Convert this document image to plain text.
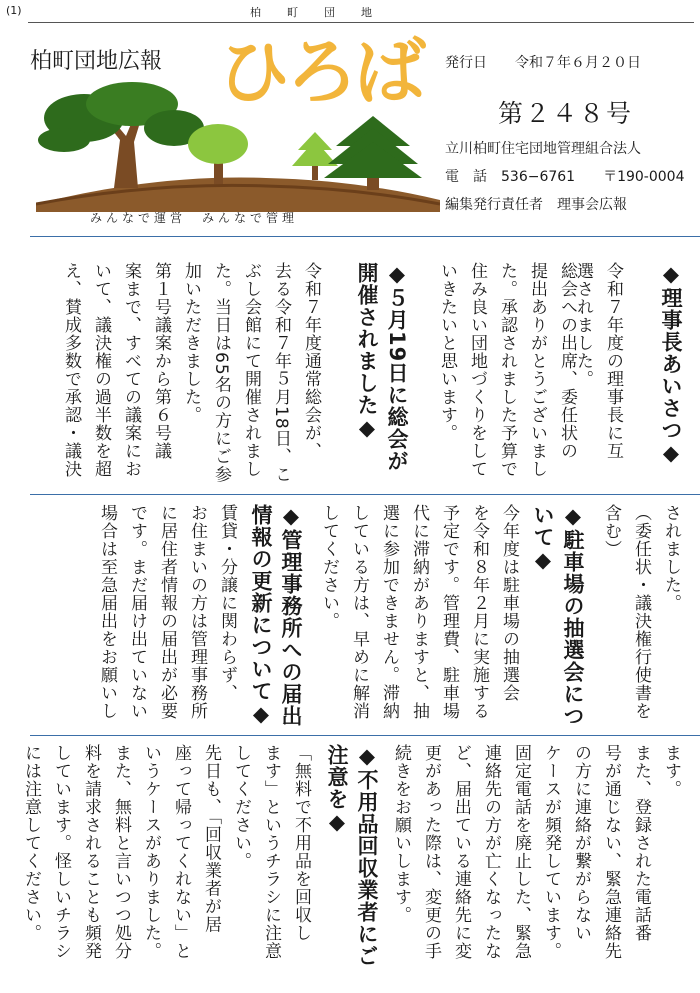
(1)	柏町団地
柏町団地広報 ひろば
みんなで運営　みんなで管理
発行日　　令和７年６月２０日
第２４８号
立川柏町住宅団地管理組合法人
電　話　536−6761　　〒190-0004
編集発行責任者　理事会広報
◆理事長あいさつ◆
令和７年度の理事長に互
選されました。
総会への出席、委任状の
提出ありがとうございまし
た。承認されました予算で
住み良い団地づくりをして
いきたいと思います。
◆５月19日に総会が
開催されました◆
令和７年度通常総会が、
去る令和７年５月18日、こ
ぶし会館にて開催されまし
た。当日は65名の方にご参
加いただきました。
第１号議案から第６号議
案まで、すべての議案にお
いて、議決権の過半数を超
え、賛成多数で承認・議決
されました。
（委任状・議決権行使書を
含む）
◆駐車場の抽選会につ
いて◆
今年度は駐車場の抽選会
を令和８年２月に実施する
予定です。管理費、駐車場
代に滞納がありますと、抽
選に参加できません。滞納
している方は、早めに解消
してください。
◆管理事務所への届出
情報の更新について◆
賃貸・分譲に関わらず、
お住まいの方は管理事務所
に居住者情報の届出が必要
です。まだ届け出ていない
場合は至急届出をお願いし
ます。
また、登録された電話番
号が通じない、緊急連絡先
の方に連絡が繋がらない
ケースが頻発しています。
固定電話を廃止した、緊急
連絡先の方が亡くなったな
ど、届出ている連絡先に変
更があった際は、変更の手
続きをお願いします。
◆不用品回収業者にご
注意を◆
「無料で不用品を回収し
ます」というチラシに注意
してください。
先日も、「回収業者が居
座って帰ってくれない」と
いうケースがありました。
また、無料と言いつつ処分
料を請求されることも頻発
しています。怪しいチラシ
には注意してください。
